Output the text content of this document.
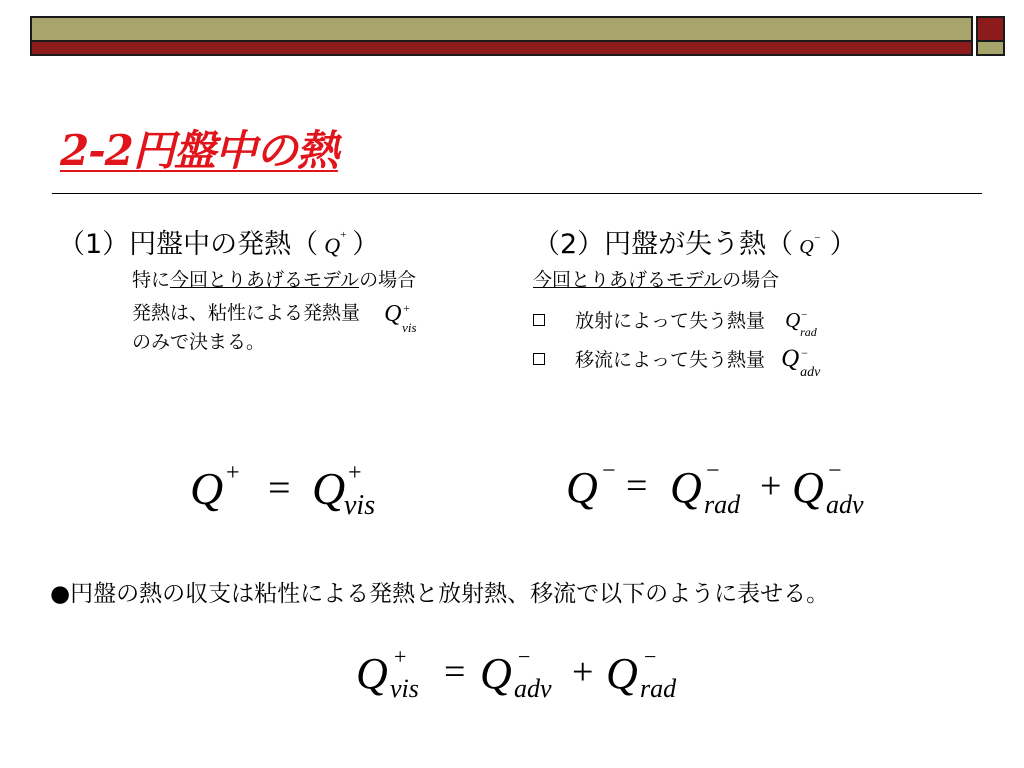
2-2円盤中の熱
（1）円盤中の発熱（ Q + ）
特に今回とりあげるモデルの場合
発熱は、粘性による発熱量 Q +
vis
のみで決まる。
（2）円盤が失う熱（ Q − ）
今回とりあげるモデルの場合
放射によって失う熱量 Q −
rad
移流によって失う熱量 Q −
adv
Q + = Q +
vis	Q − = Q −
rad + Q −
adv
●円盤の熱の収支は粘性による発熱と放射熱、移流で以下のように表せる。
Q +
vis = Q −
adv + Q −
rad
